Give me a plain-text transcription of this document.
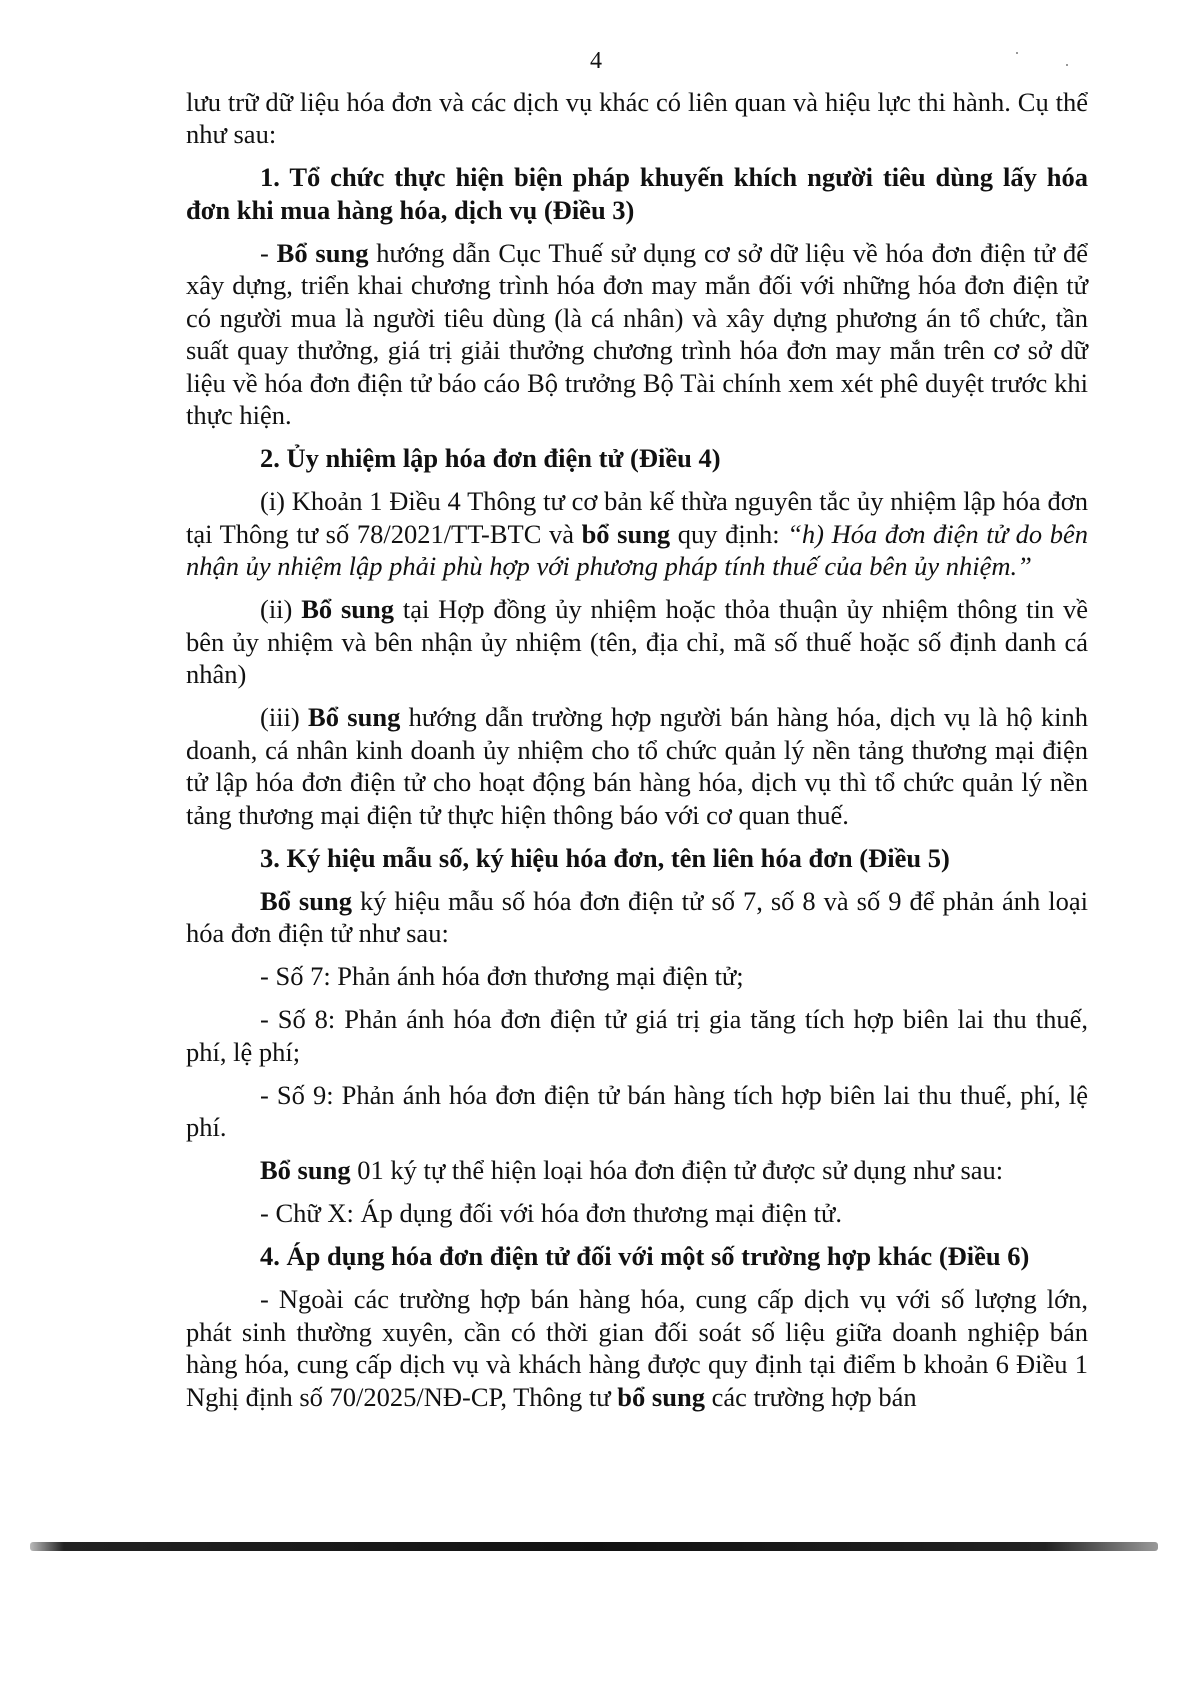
4

lưu trữ dữ liệu hóa đơn và các dịch vụ khác có liên quan và hiệu lực thi hành. Cụ thể như sau:

1. Tổ chức thực hiện biện pháp khuyến khích người tiêu dùng lấy hóa đơn khi mua hàng hóa, dịch vụ (Điều 3)

- Bổ sung hướng dẫn Cục Thuế sử dụng cơ sở dữ liệu về hóa đơn điện tử để xây dựng, triển khai chương trình hóa đơn may mắn đối với những hóa đơn điện tử có người mua là người tiêu dùng (là cá nhân) và xây dựng phương án tổ chức, tần suất quay thưởng, giá trị giải thưởng chương trình hóa đơn may mắn trên cơ sở dữ liệu về hóa đơn điện tử báo cáo Bộ trưởng Bộ Tài chính xem xét phê duyệt trước khi thực hiện.

2. Ủy nhiệm lập hóa đơn điện tử (Điều 4)

(i) Khoản 1 Điều 4 Thông tư cơ bản kế thừa nguyên tắc ủy nhiệm lập hóa đơn tại Thông tư số 78/2021/TT-BTC và bổ sung quy định: “h) Hóa đơn điện tử do bên nhận ủy nhiệm lập phải phù hợp với phương pháp tính thuế của bên ủy nhiệm.”

(ii) Bổ sung tại Hợp đồng ủy nhiệm hoặc thỏa thuận ủy nhiệm thông tin về bên ủy nhiệm và bên nhận ủy nhiệm (tên, địa chỉ, mã số thuế hoặc số định danh cá nhân)

(iii) Bổ sung hướng dẫn trường hợp người bán hàng hóa, dịch vụ là hộ kinh doanh, cá nhân kinh doanh ủy nhiệm cho tổ chức quản lý nền tảng thương mại điện tử lập hóa đơn điện tử cho hoạt động bán hàng hóa, dịch vụ thì tổ chức quản lý nền tảng thương mại điện tử thực hiện thông báo với cơ quan thuế.

3. Ký hiệu mẫu số, ký hiệu hóa đơn, tên liên hóa đơn (Điều 5)

Bổ sung ký hiệu mẫu số hóa đơn điện tử số 7, số 8 và số 9 để phản ánh loại hóa đơn điện tử như sau:

- Số 7: Phản ánh hóa đơn thương mại điện tử;

- Số 8: Phản ánh hóa đơn điện tử giá trị gia tăng tích hợp biên lai thu thuế, phí, lệ phí;

- Số 9: Phản ánh hóa đơn điện tử bán hàng tích hợp biên lai thu thuế, phí, lệ phí.

Bổ sung 01 ký tự thể hiện loại hóa đơn điện tử được sử dụng như sau:

- Chữ X: Áp dụng đối với hóa đơn thương mại điện tử.

4. Áp dụng hóa đơn điện tử đối với một số trường hợp khác (Điều 6)

- Ngoài các trường hợp bán hàng hóa, cung cấp dịch vụ với số lượng lớn, phát sinh thường xuyên, cần có thời gian đối soát số liệu giữa doanh nghiệp bán hàng hóa, cung cấp dịch vụ và khách hàng được quy định tại điểm b khoản 6 Điều 1 Nghị định số 70/2025/NĐ-CP, Thông tư bổ sung các trường hợp bán
